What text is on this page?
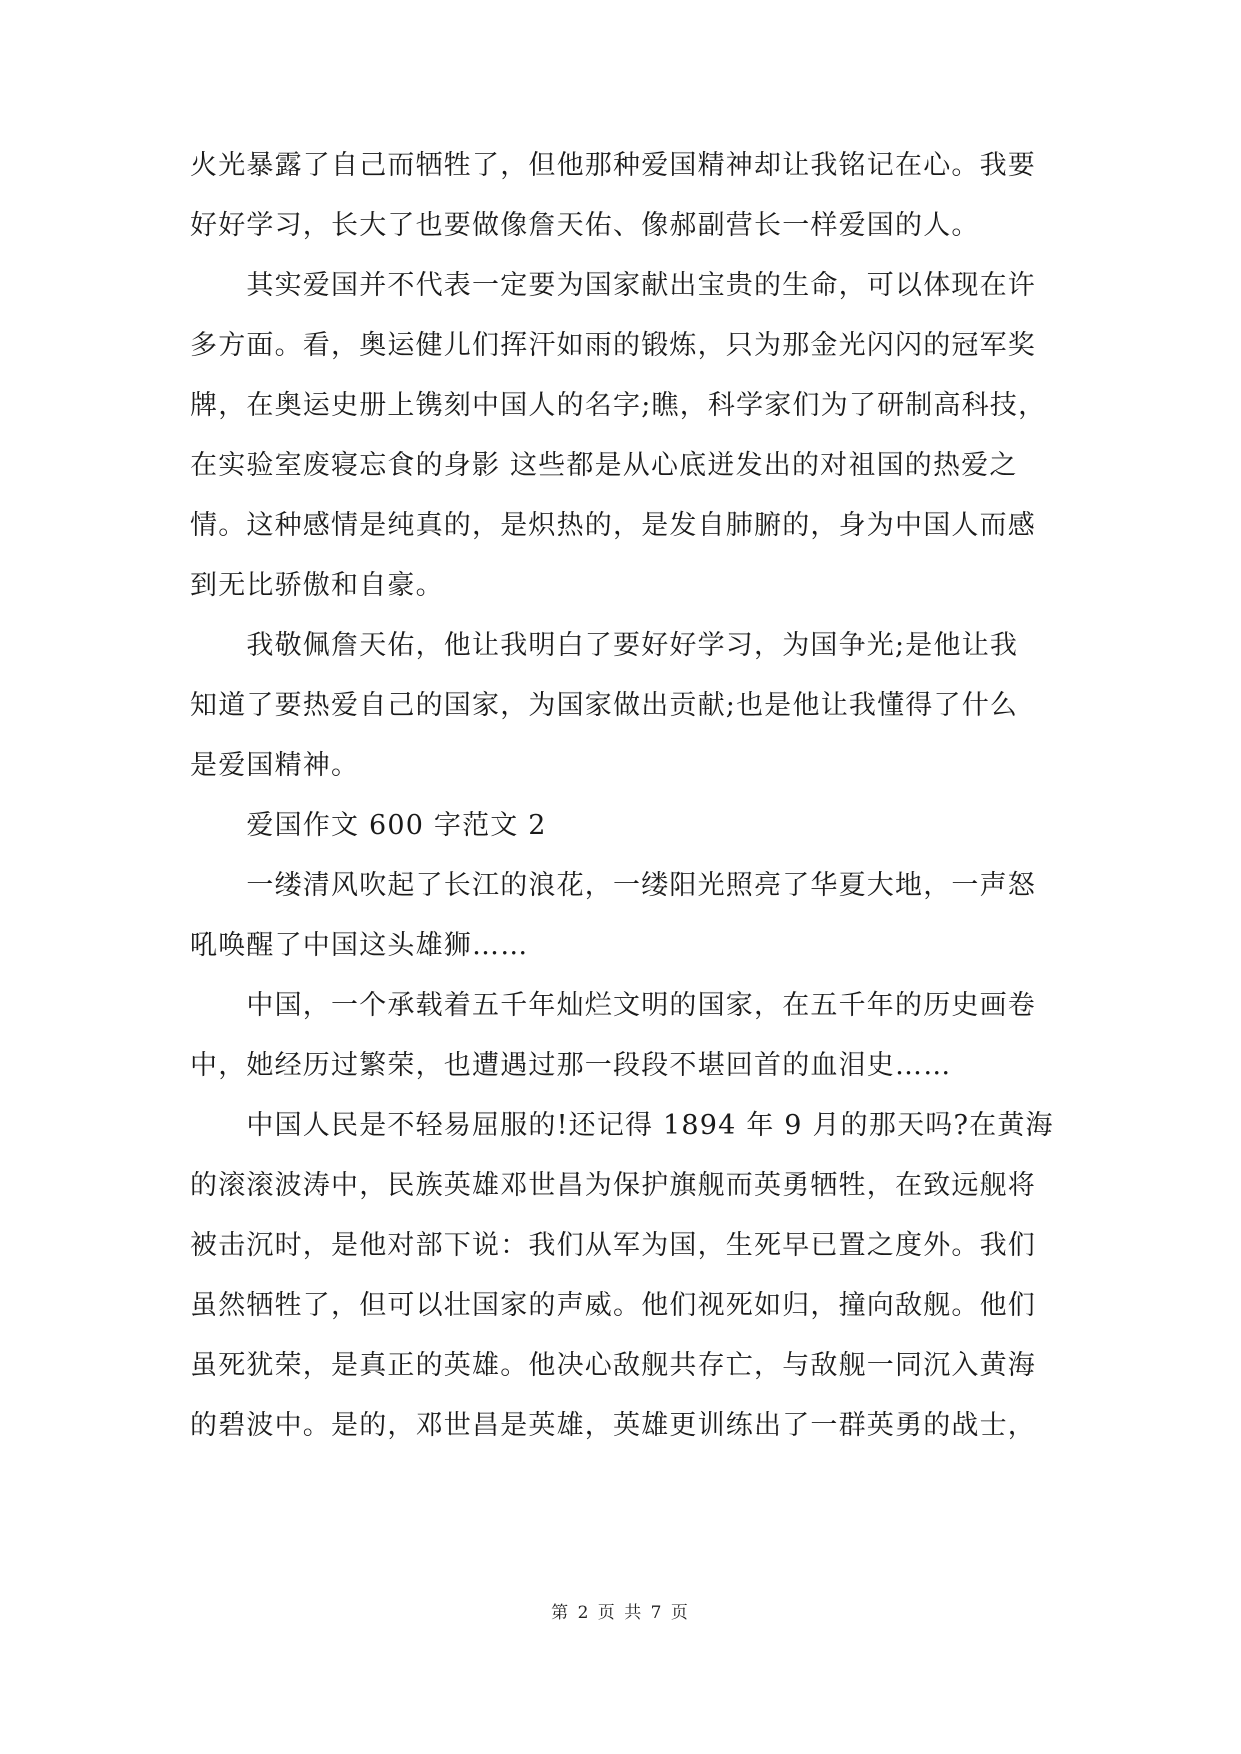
火光暴露了自己而牺牲了，但他那种爱国精神却让我铭记在心。我要
好好学习，长大了也要做像詹天佑、像郝副营长一样爱国的人。
　　其实爱国并不代表一定要为国家献出宝贵的生命，可以体现在许
多方面。看，奥运健儿们挥汗如雨的锻炼，只为那金光闪闪的冠军奖
牌，在奥运史册上镌刻中国人的名字;瞧，科学家们为了研制高科技，
在实验室废寝忘食的身影 这些都是从心底迸发出的对祖国的热爱之
情。这种感情是纯真的，是炽热的，是发自肺腑的，身为中国人而感
到无比骄傲和自豪。
　　我敬佩詹天佑，他让我明白了要好好学习，为国争光;是他让我
知道了要热爱自己的国家，为国家做出贡献;也是他让我懂得了什么
是爱国精神。
　　爱国作文 600 字范文 2
　　一缕清风吹起了长江的浪花，一缕阳光照亮了华夏大地，一声怒
吼唤醒了中国这头雄狮……
　　中国，一个承载着五千年灿烂文明的国家，在五千年的历史画卷
中，她经历过繁荣，也遭遇过那一段段不堪回首的血泪史……
　　中国人民是不轻易屈服的!还记得 1894 年 9 月的那天吗?在黄海
的滚滚波涛中，民族英雄邓世昌为保护旗舰而英勇牺牲，在致远舰将
被击沉时，是他对部下说：我们从军为国，生死早已置之度外。我们
虽然牺牲了，但可以壮国家的声威。他们视死如归，撞向敌舰。他们
虽死犹荣，是真正的英雄。他决心敌舰共存亡，与敌舰一同沉入黄海
的碧波中。是的，邓世昌是英雄，英雄更训练出了一群英勇的战士，
第 2 页 共 7 页
